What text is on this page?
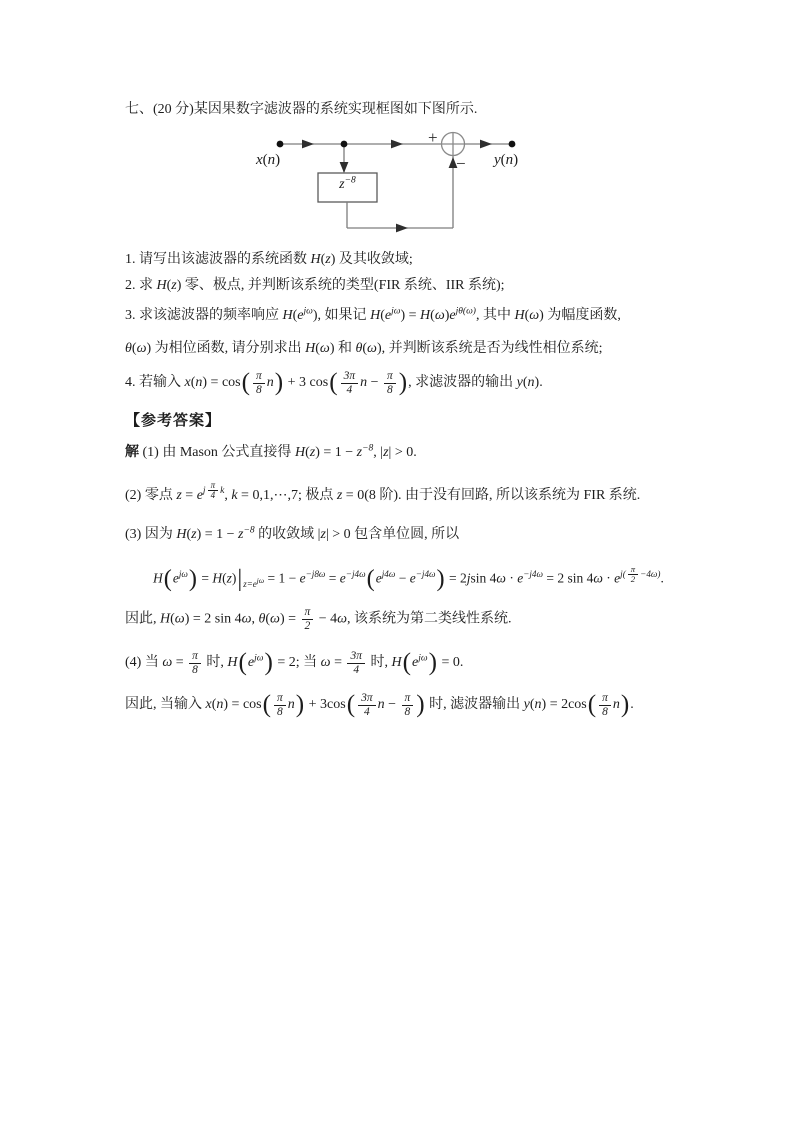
七、(20 分)某因果数字滤波器的系统实现框图如下图所示.
x(n)
$z^{-8}$
+
− y(n)
1. 请写出该滤波器的系统函数 H(z) 及其收敛域;
2. 求 H(z) 零、极点, 并判断该系统的类型(FIR 系统、IIR 系统);
3. 求该滤波器的频率响应 $H(e^{j\omega})$, 如果记 $H(e^{j\omega}) = H(\omega)e^{j\theta(\omega)}$, 其中 H(ω) 为幅度函数,
θ(ω) 为相位函数, 请分别求出 H(ω) 和 θ(ω), 并判断该系统是否为线性相位系统;
4. 若输入 $x(n) = \cos( \frac{\pi}{8} n) + 3$ $\cos( \frac{3\pi}{4}$ $n - \frac{\pi}{8}$ ), 求滤波器的输出 y(n).
【参考答案】
解 (1) 由 Mason 公式直接得 $H(z) = 1 - z^{-8}$, |z| > 0.
(2) 零点 $z = e^{j \frac{\pi}{4} k}$, k = 0,1,⋯,7; 极点 z = 0(8 阶). 由于没有回路, 所以该系统为 FIR 系统.
(3) 因为 $H(z) = 1 - z^{-8}$ 的收敛域 |z| > 0 包含单位圆, 所以
$H(e^{j\omega}) = H(z)|_{z=e^{j\omega}} = 1 - e^{-j8\omega} = e^{-j4\omega}(e^{j4\omega} - e^{-j4\omega}) = 2jsin$ $4\omega \cdot e^{-j4\omega} = 2$ $\sin 4\omega \cdot e^{j( \frac{\pi}{2} -4\omega)}$.
因此, H(ω) = 2 sin 4ω, $\theta(\omega) = \frac{\pi}{2} - 4\omega$, 该系统为第二类线性系统.
(4) 当 $\omega = \frac{\pi}{8}$ 时, $H(e^{j\omega}) = 2$; 当 $\omega = \frac{3\pi}{4}$ 时, $H(e^{j\omega}) = 0$.
因此, 当输入 $x(n) = \cos( \frac{\pi}{8} n) + 3\cos( \frac{3\pi}{4}$ $n - \frac{\pi}{8}$ ) 时, 滤波器输出 $y(n) = 2\cos( \frac{\pi}{8} n)$.
